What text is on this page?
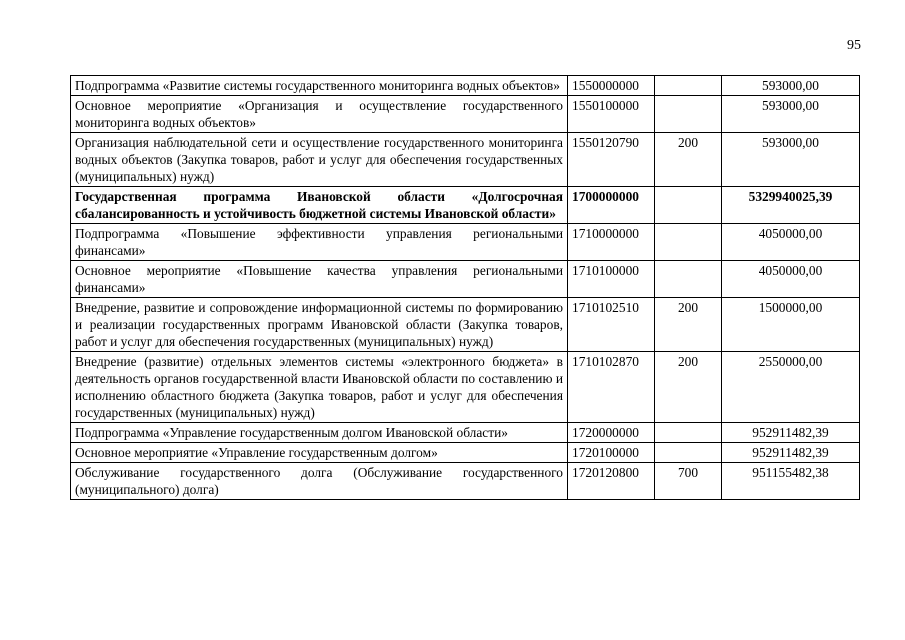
95
Подпрограмма «Развитие системы государственного мониторинга водных объектов»	1550000000		593000,00
Основное мероприятие «Организация и осуществление государственного мониторинга водных объектов»	1550100000		593000,00
Организация наблюдательной сети и осуществление государственного мониторинга водных объектов (Закупка товаров, работ и услуг для обеспечения государственных (муниципальных) нужд)	1550120790	200	593000,00
Государственная программа Ивановской области «Долгосрочная сбалансированность и устойчивость бюджетной системы Ивановской области»	1700000000		5329940025,39
Подпрограмма «Повышение эффективности управления региональными финансами»	1710000000		4050000,00
Основное мероприятие «Повышение качества управления региональными финансами»	1710100000		4050000,00
Внедрение, развитие и сопровождение информационной системы по формированию и реализации государственных программ Ивановской области (Закупка товаров, работ и услуг для обеспечения государственных (муниципальных) нужд)	1710102510	200	1500000,00
Внедрение (развитие) отдельных элементов системы «электронного бюджета» в деятельность органов государственной власти Ивановской области по составлению и исполнению областного бюджета (Закупка товаров, работ и услуг для обеспечения государственных (муниципальных) нужд)	1710102870	200	2550000,00
Подпрограмма «Управление государственным долгом Ивановской области»	1720000000		952911482,39
Основное мероприятие «Управление государственным долгом»	1720100000		952911482,39
Обслуживание государственного долга (Обслуживание государственного (муниципального) долга)	1720120800	700	951155482,38
